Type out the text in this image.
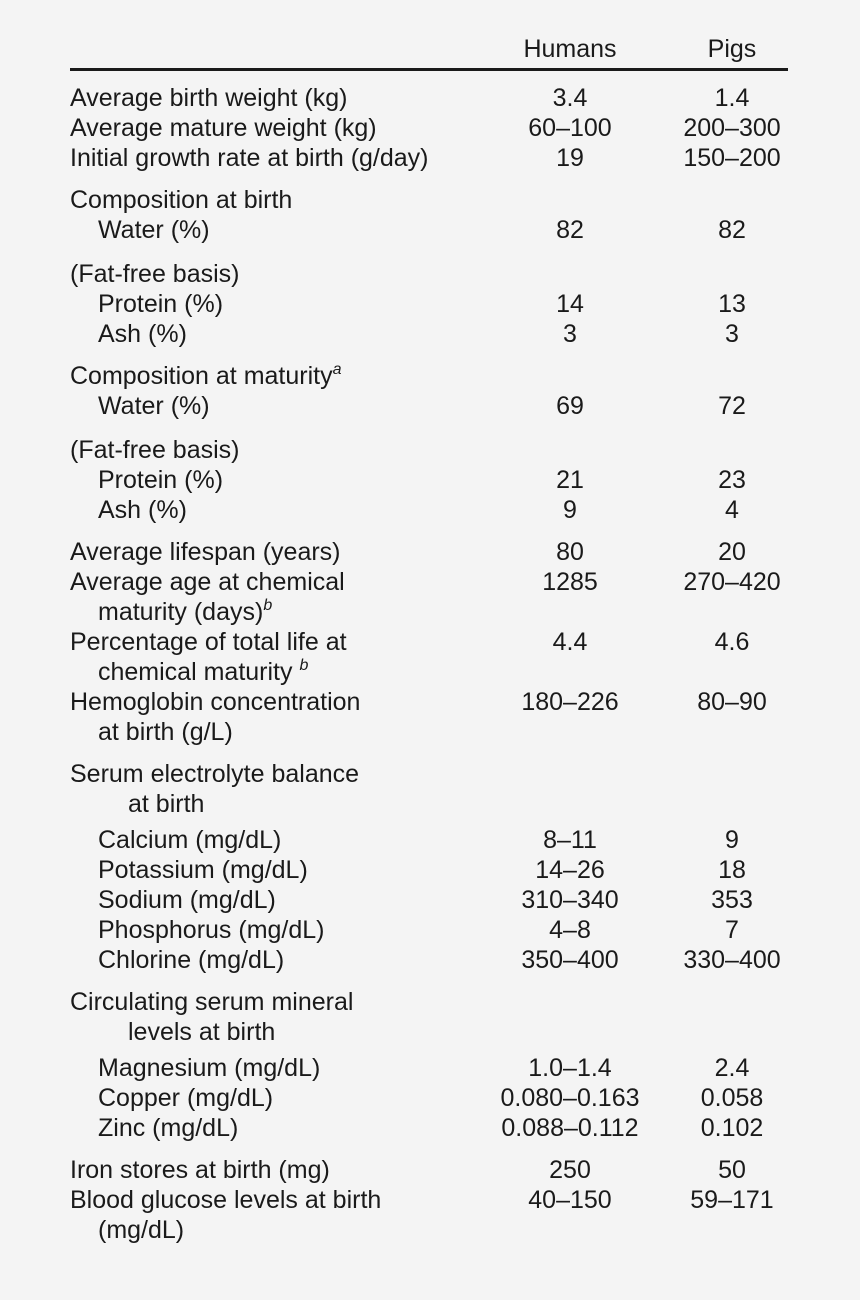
Humans	Pigs
Average birth weight (kg)	3.4	1.4
Average mature weight (kg)	60–100	200–300
Initial growth rate at birth (g/day)	19	150–200
Composition at birth
Water (%)	82	82
(Fat-free basis)
Protein (%)	14	13
Ash (%)	3	3
Composition at maturity$^a$
Water (%)	69	72
(Fat-free basis)
Protein (%)	21	23
Ash (%)	9	4
Average lifespan (years)	80	20
Average age at chemical
maturity (days)$^b$
1285	270–420
Percentage of total life at
chemical maturity $^b$
4.4	4.6
Hemoglobin concentration
at birth (g/L)
180–226	80–90
Serum electrolyte balance
at birth
Calcium (mg/dL)	8–11	9
Potassium (mg/dL)	14–26	18
Sodium (mg/dL)	310–340	353
Phosphorus (mg/dL)	4–8	7
Chlorine (mg/dL)	350–400	330–400
Circulating serum mineral
levels at birth
Magnesium (mg/dL)	1.0–1.4	2.4
Copper (mg/dL)	0.080–0.163	0.058
Zinc (mg/dL)	0.088–0.112	0.102
Iron stores at birth (mg)	250	50
Blood glucose levels at birth
(mg/dL)
40–150	59–171
